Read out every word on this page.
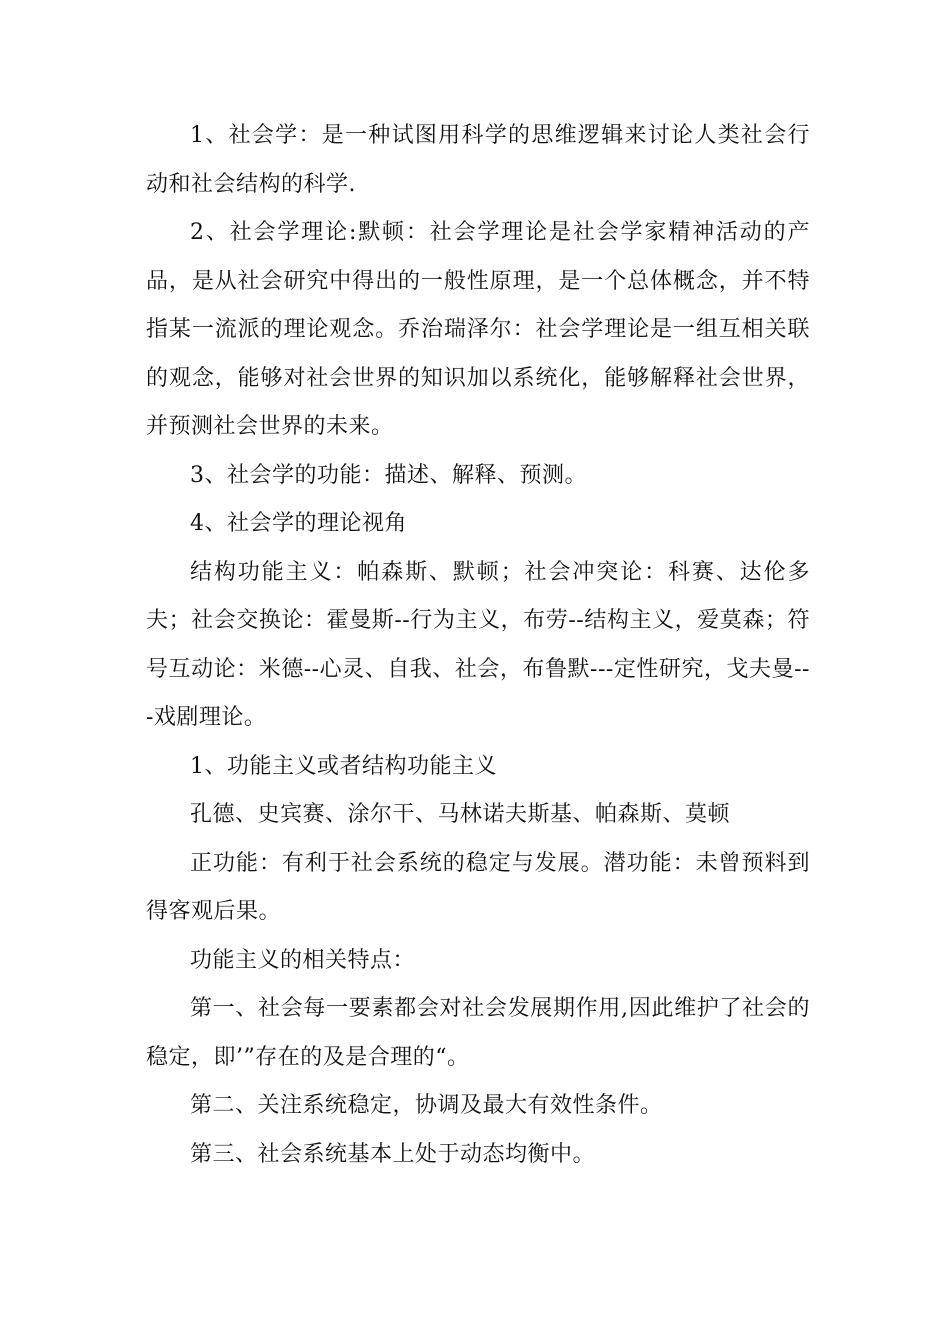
1、社会学：是一种试图用科学的思维逻辑来讨论人类社会行动和社会结构的科学.

2、社会学理论:默顿：社会学理论是社会学家精神活动的产品，是从社会研究中得出的一般性原理，是一个总体概念，并不特指某一流派的理论观念。乔治瑞泽尔：社会学理论是一组互相关联的观念，能够对社会世界的知识加以系统化，能够解释社会世界，并预测社会世界的未来。

3、社会学的功能：描述、解释、预测。

4、社会学的理论视角

结构功能主义：帕森斯、默顿；社会冲突论：科赛、达伦多夫；社会交换论：霍曼斯--行为主义，布劳--结构主义，爱莫森；符号互动论：米德--心灵、自我、社会，布鲁默---定性研究，戈夫曼---戏剧理论。

1、功能主义或者结构功能主义

孔德、史宾赛、涂尔干、马林诺夫斯基、帕森斯、莫顿

正功能：有利于社会系统的稳定与发展。潜功能：未曾预料到得客观后果。

功能主义的相关特点：

第一、社会每一要素都会对社会发展期作用,因此维护了社会的稳定，即’”存在的及是合理的“。

第二、关注系统稳定，协调及最大有效性条件。

第三、社会系统基本上处于动态均衡中。
